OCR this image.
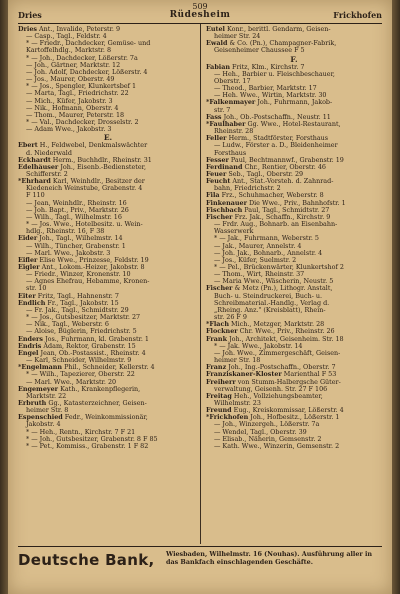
509
Dries	Rüdesheim	Frickhofen
Dries Ant., Invalide, Peterstr. 9
— Casp., Tagl., Feldstr. 4
* — Friedr., Dachdecker, Gemüse- und
Kartoffelhdlg., Marktstr. 8
* — Joh., Dachdecker, Lößerstr. 7a
— Joh., Gärtner, Marktstr. 12
— Joh. Adolf, Dachdecker, Lößerstr. 4
— Jos., Maurer, Oberstr. 49
* — Jos., Spengler, Klunkertsbef 1
— Marta, Tagl., Friedrichstr. 22
— Mich., Küfer, Jakobstr. 3
— Nik., Hofmann, Oberstr. 4
— Thom., Maurer, Peterstr. 18
* — Val., Dachdecker, Drosselstr. 2
— Adam Wwe., Jakobstr. 3
E.
Ebert H., Feldwebel, Denkmalswächter
d. Niederwald
Eckhardt Herm., Buchhdlr., Rheinstr. 31
Edelhäuser Joh., Eisenb.-Bediensteter,
Schifferstr. 2
*Ehrhard Karl, Weinhdlr., Besitzer der
Kiedeneich Weinstube, Grabenstr. 4
F 110
— Jean, Weinhdlr., Rheinstr. 16
— Joh. Bapt., Priv., Marktstr. 26
— Wilh., Tagl., Wilhelmstr. 16
* — Jos. Wwe., Hotelbesitz. u. Wein-
hdlg., Rheinstr. 16, F 38
Eider Joh., Tagl., Wilhelmstr. 14
— Wilh., Tüncher, Grabenstr. 1
— Marl. Wwe., Jakobstr. 3
Eifler Elise Wwe., Prinzesse, Feldstr. 19
Eigler Ant., Lokom.-Heizer, Jakobstr. 8
— Friedr., Winzer, Kronenstr. 10
— Agnes Ehefrau, Hebamme, Kronen-
str. 10
Eiter Fritz, Tagl., Hahnenstr. 7
Endlich Fr., Tagl., Jakobstr. 15
— Fr. Jak., Tagl., Schmidtstr. 29
* — Jos., Gutsbesitzer, Marktstr. 27
— Nik., Tagl., Weberstr. 6
— Aloise, Büglerin, Friedrichstr. 5
Enders Jos., Fuhrmann, kl. Grabenstr. 1
Endris Adam, Rektor, Grabenstr. 15
Engel Jean, Ob.-Postassist., Rheinstr. 4
— Karl, Schneider, Wilhelmstr. 9
*Engelmann Phil., Schneider, Kellerstr. 4
* — Wilh., Tapezierer, Oberstr. 22
— Marl. Wwe., Marktstr. 20
Engemeyer Kath., Krankenpflegerin,
Marktstr. 22
Erbruth Gg., Katasterzeichner, Geisen-
heimer Str. 8
Espenschied Fedr., Weinkommissionär,
Jakobstr. 4
* — Heh., Rentn., Kirchstr. 7 F 21
* — Joh., Gutsbesitzer, Grabenstr. 8 F 85
* — Pet., Kommiss., Grabenstr. 1 F 82
Eutel Konr., berittl. Gendarm, Geisen-
heimer Str. 24
Ewald & Co. (Pn.), Champagner-Fabrik,
Geisenheimer Chaussee F 5
F.
Fabian Fritz, Klm., Kirchstr. 7
— Heh., Barbier u. Fleischbeschauer,
Oberstr. 17
— Theod., Barbier, Marktstr. 17
— Heh. Wwe., Wirtin, Marktstr. 30
*Falkenmayer Joh., Fuhrmann, Jakob-
str. 7
Fass Joh., Ob.-Postschaffn., Neustr. 11
*Faulhaber Gg. Wwe., Hotel-Restaurant,
Rheinstr. 28
Feller Herm., Stadtförster, Forsthaus
— Ludw., Förster a. D., Bleidenheimer
Forsthaus
Fesser Paul, Bechtmannwf., Grabenstr. 19
Ferdinand Chr., Rentier, Oberstr. 46
Feuer Seb., Tagl., Oberstr. 29
Feucht Ant., Stat.-Vorsteh. d. Zahnrad-
bahn, Friedrichstr. 2
Fila Frz., Schuhmacher, Weberstr. 8
Finkenauer Die Wwe., Priv., Bahnhofstr. 1
Fischbach Paul, Tagl., Schmidtstr. 27
Fischer Frz. Jak., Schaffn., Kirchstr. 9
— Frdr. Aug., Bohnarb. an Eisenbahn-
Wasserwerk
* — Jak., Fuhrmann, Weberstr. 5
— Jak., Maurer, Annelstr. 4
— Joh. Jak., Bohnarb., Annelstr. 4
— Jos., Küfer, Suelmstr. 2
* — Pel., Brückenwärter, Klunkertshof 2
— Thom., Wirt, Rheinstr. 37
— Maria Wwe., Wäscherin, Neustr. 5
Fischer & Metz (Pn.), Lithogr. Anstalt,
Buch- u. Steindruckerei, Buch- u.
Schreibmaterial.-Handlg., Verlag d.
„Rheing. Anz." (Kreisblatt), Rhein-
str. 26 F 9
*Flach Mich., Metzger, Marktstr. 28
Flockner Chr. Wwe., Priv., Rheinstr. 26
Frank Joh., Architekt, Geisenheim. Str. 18
* — Jak. Wwe., Jakobstr. 14
— Joh. Wwe., Zimmergeschäft, Geisen-
heimer Str. 18
Franz Joh., Ing.-Postschaffn., Oberstr. 7
Franziskaner-Kloster Marienthal F 53
Freiherr von Stumm-Halbergsche Güter-
verwaltung, Geisenh. Str. 27 F 106
Freitag Heh., Vollziehungsbeamter,
Wilhelmstr. 23
Freund Eug., Kreiskommissar, Lößerstr. 4
*Frickhofen Joh., Hofbesitz., Lößerstr. 1
— Joh., Winzergeh., Lößerstr. 7a
— Wendel, Tagl., Oberstr. 39
— Elisab., Näherin, Gemsenstr. 2
— Kath. Wwe., Winzerin, Gemsenstr. 2
Deutsche Bank, Wiesbaden, Wilhelmstr. 16 (Nouhas). Ausführung aller in das Bankfach einschlagenden Geschäfte.
